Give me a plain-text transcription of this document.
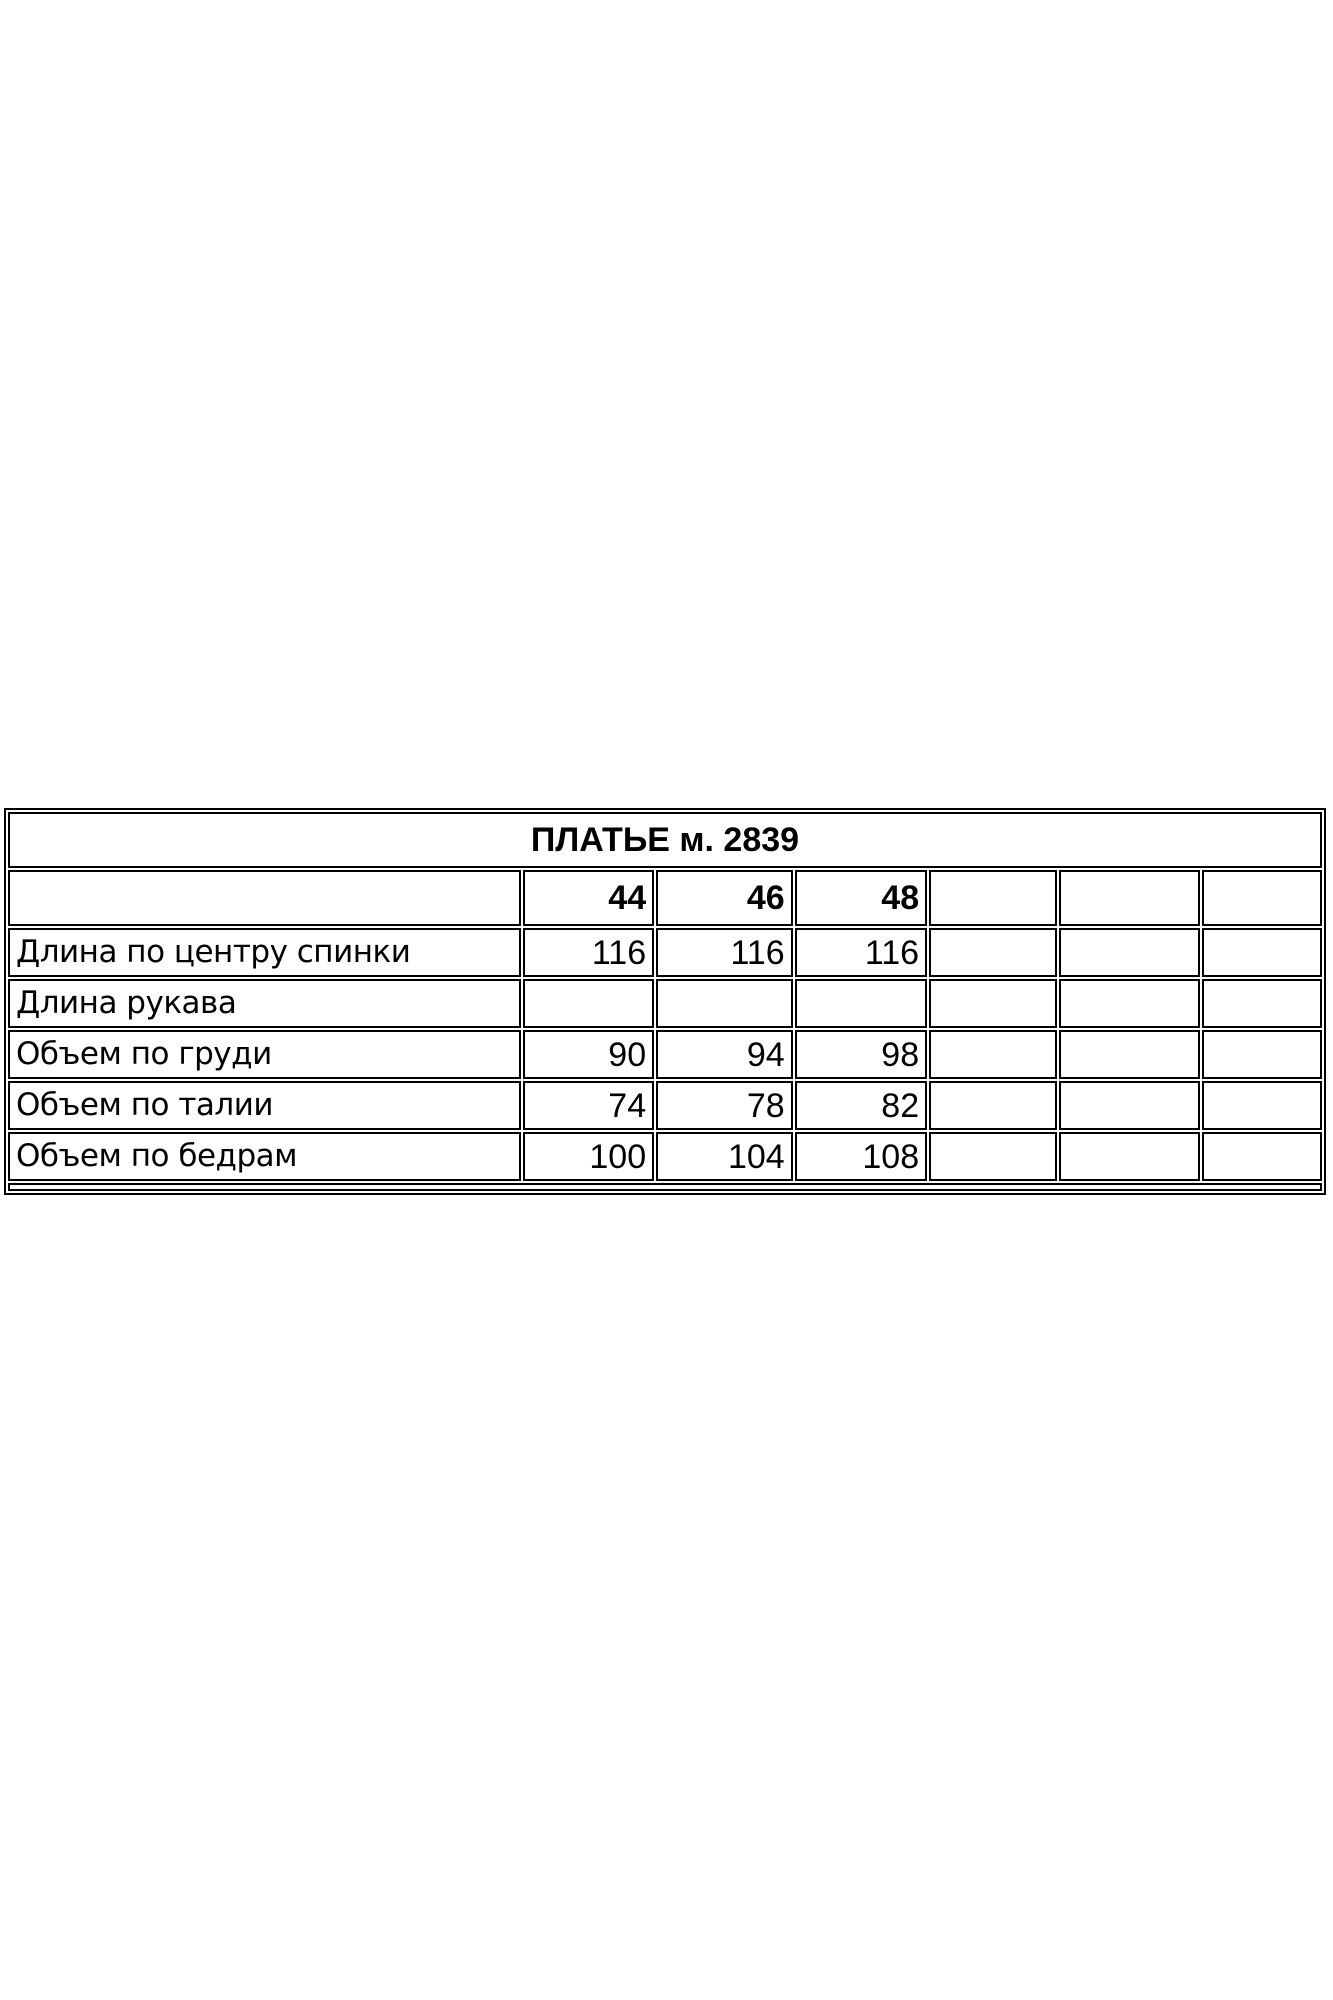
ПЛАТЬЕ м. 2839						
	44	46	48			
Длина по центру спинки	116	116	116			
Длина рукава						
Объем по груди	90	94	98			
Объем по талии	74	78	82			
Объем по бедрам	100	104	108			
